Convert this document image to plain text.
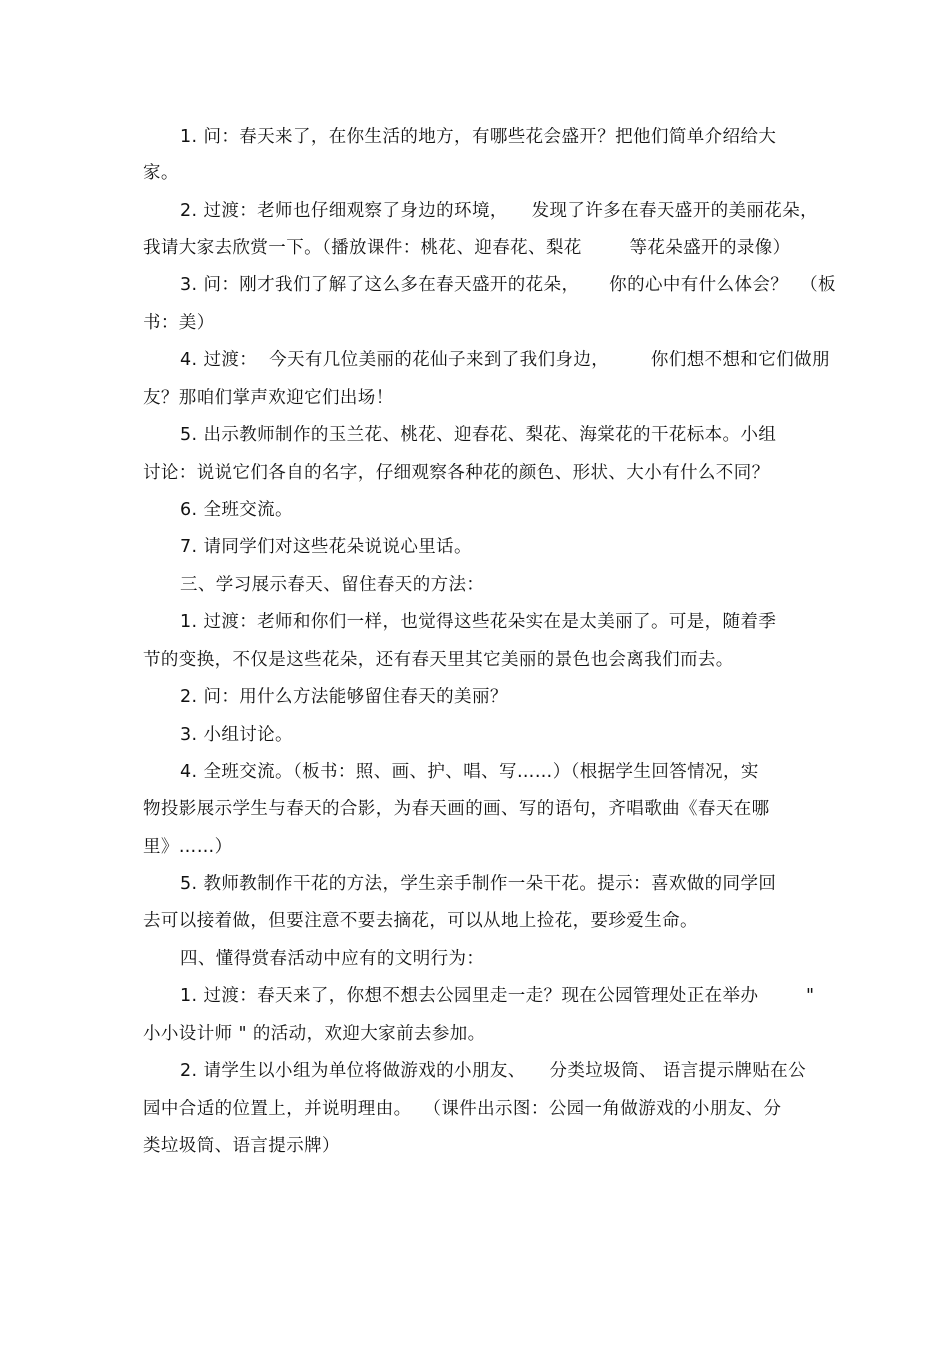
1. 问：春天来了，在你生活的地方，有哪些花会盛开？把他们简单介绍给大
家。
2. 过渡：老师也仔细观察了身边的环境，    发现了许多在春天盛开的美丽花朵，
我请大家去欣赏一下。（播放课件：桃花、迎春花、梨花        等花朵盛开的录像）
3. 问：刚才我们了解了这么多在春天盛开的花朵，     你的心中有什么体会？  （板
书：美）
4. 过渡：  今天有几位美丽的花仙子来到了我们身边，       你们想不想和它们做朋
友？那咱们掌声欢迎它们出场！
5. 出示教师制作的玉兰花、桃花、迎春花、梨花、海棠花的干花标本。小组
讨论：说说它们各自的名字，仔细观察各种花的颜色、形状、大小有什么不同？
6. 全班交流。
7. 请同学们对这些花朵说说心里话。
三、学习展示春天、留住春天的方法：
1. 过渡：老师和你们一样，也觉得这些花朵实在是太美丽了。可是，随着季
节的变换，不仅是这些花朵，还有春天里其它美丽的景色也会离我们而去。
2. 问：用什么方法能够留住春天的美丽？
3. 小组讨论。
4. 全班交流。（板书：照、画、护、唱、写……）（根据学生回答情况，实
物投影展示学生与春天的合影，为春天画的画、写的语句，齐唱歌曲《春天在哪
里》……）
5. 教师教制作干花的方法，学生亲手制作一朵干花。提示：喜欢做的同学回
去可以接着做，但要注意不要去摘花，可以从地上捡花，要珍爱生命。
四、懂得赏春活动中应有的文明行为：
1. 过渡：春天来了，你想不想去公园里走一走？现在公园管理处正在举办        "
小小设计师 " 的活动，欢迎大家前去参加。
2. 请学生以小组为单位将做游戏的小朋友、    分类垃圾筒、 语言提示牌贴在公
园中合适的位置上，并说明理由。  （课件出示图：公园一角做游戏的小朋友、分
类垃圾筒、语言提示牌）
